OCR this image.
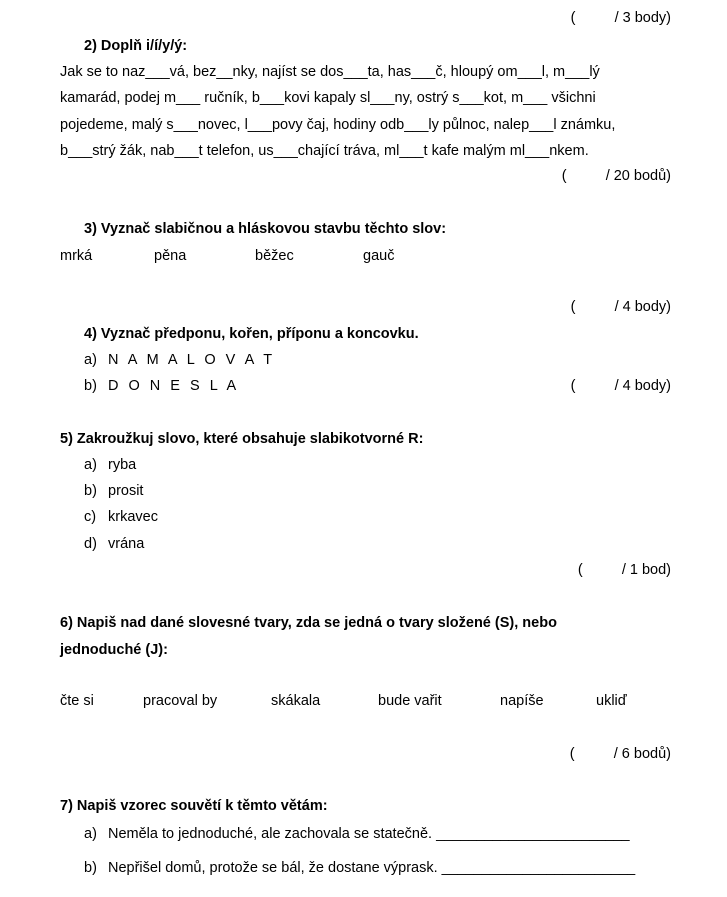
(	/ 3 body)
2) Doplň i/í/y/ý:
Jak se to naz___vá, bez__nky, najíst se dos___ta, has___č, hloupý om___l, m___lý
kamarád, podej m___ ručník, b___kovi kapaly sl___ny, ostrý s___kot, m___ všichni
pojedeme, malý s___novec, l___povy čaj, hodiny odb___ly půlnoc, nalep___l známku,
b___strý žák, nab___t telefon, us___chající tráva, ml___t kafe malým ml___nkem.
(	/ 20 bodů)
3) Vyznač slabičnou a hláskovou stavbu těchto slov:
mrká	pěna	běžec	gauč
(	/ 4 body)
4) Vyznač předponu, kořen, příponu a koncovku.
a) N A M A L O V A T
b) D O N E S L A	(	/ 4 body)
5) Zakroužkuj slovo, které obsahuje slabikotvorné R:
a) ryba
b) prosit
c) krkavec
d) vrána
(	/ 1 bod)
6) Napiš nad dané slovesné tvary, zda se jedná o tvary složené (S), nebo
jednoduché (J):
čte si	pracoval by	skákala	bude vařit	napíše	ukliď
(	/ 6 bodů)
7) Napiš vzorec souvětí k těmto větám:
a) Neměla to jednoduché, ale zachovala se statečně. ________________________
b) Nepřišel domů, protože se bál, že dostane výprask. ________________________
